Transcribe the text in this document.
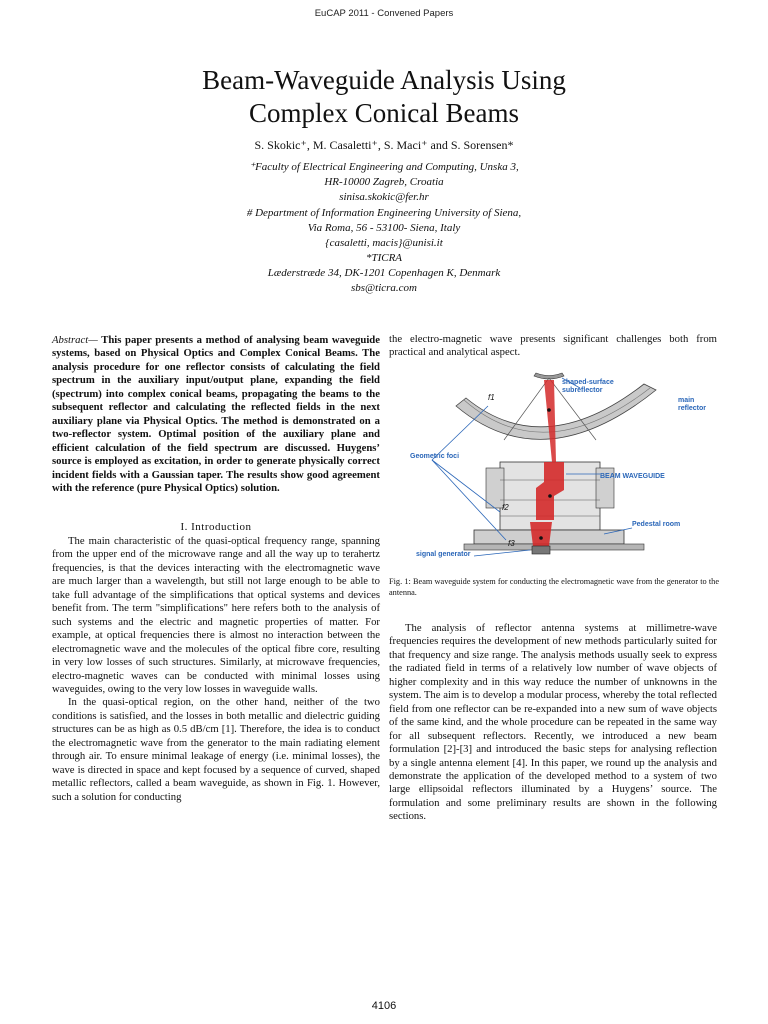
EuCAP 2011 - Convened Papers
Beam-Waveguide Analysis Using
Complex Conical Beams
S. Skokic⁺, M. Casaletti⁺, S. Maci⁺ and S. Sorensen*
⁺Faculty of Electrical Engineering and Computing, Unska 3,
HR-10000 Zagreb, Croatia
sinisa.skokic@fer.hr
# Department of Information Engineering University of Siena,
Via Roma, 56 - 53100- Siena, Italy
{casaletti, macis}@unisi.it
*TICRA
Læderstræde 34, DK-1201 Copenhagen K, Denmark
sbs@ticra.com
Abstract— This paper presents a method of analysing beam waveguide systems, based on Physical Optics and Complex Conical Beams. The analysis procedure for one reflector consists of calculating the field spectrum in the auxiliary input/output plane, expanding the field (spectrum) into complex conical beams, propagating the beams to the subsequent reflector and calculating the reflected fields in the next auxiliary plane via Physical Optics. The method is demonstrated on a two-reflector system. Optimal position of the auxiliary plane and efficient calculation of the field spectrum are discussed. Huygens’ source is employed as excitation, in order to generate physically correct incident fields with a Gaussian taper. The results show good agreement with the reference (pure Physical Optics) solution.
I. Introduction

The main characteristic of the quasi-optical frequency range, spanning from the upper end of the microwave range and all the way up to terahertz frequencies, is that the devices interacting with the electromagnetic wave are much larger than a wavelength, but still not large enough to be able to take full advantage of the simplifications that optical systems and devices benefit from. The term "simplifications" here refers both to the analysis of such systems and the electric and magnetic properties of matter. For example, at optical frequencies there is almost no interaction between the electromagnetic wave and the molecules of the optical fibre core, resulting in very low losses of such structures. Similarly, at microwave frequencies, electro-magnetic waves can be conducted with minimal losses using waveguides, owing to the very low losses in waveguide walls.

In the quasi-optical region, on the other hand, neither of the two conditions is satisfied, and the losses in both metallic and dielectric guiding structures can be as high as 0.5 dB/cm [1]. Therefore, the idea is to conduct the electromagnetic wave from the generator to the main radiating element through air. To ensure minimal leakage of energy (i.e. minimal losses), the wave is directed in space and kept focused by a sequence of curved, shaped metallic reflectors, called a beam waveguide, as shown in Fig. 1. However, such a solution for conducting

the electro-magnetic wave presents significant challenges both from practical and analytical aspect.
shaped-surface subreflector
main reflector
Geometric foci
BEAM WAVEGUIDE
Pedestal room
signal generator
f1
f2
f3
Fig. 1: Beam waveguide system for conducting the electromagnetic wave from the generator to the antenna.

The analysis of reflector antenna systems at millimetre-wave frequencies requires the development of new methods particularly suited for that frequency and size range. The analysis methods usually seek to express the radiated field in terms of a relatively low number of wave objects of higher complexity and in this way reduce the number of unknowns in the system. The aim is to develop a modular process, whereby the total reflected field from one reflector can be re-expanded into a new sum of wave objects of the same kind, and the whole procedure can be repeated in the same way for all subsequent reflectors. Recently, we introduced a new beam formulation [2]-[3] and introduced the basic steps for analysing reflection by a single antenna element [4]. In this paper, we round up the analysis and demonstrate the application of the developed method to a system of two large ellipsoidal reflectors illuminated by a Huygens’ source. The formulation and some preliminary results are shown in the following sections.

4106
